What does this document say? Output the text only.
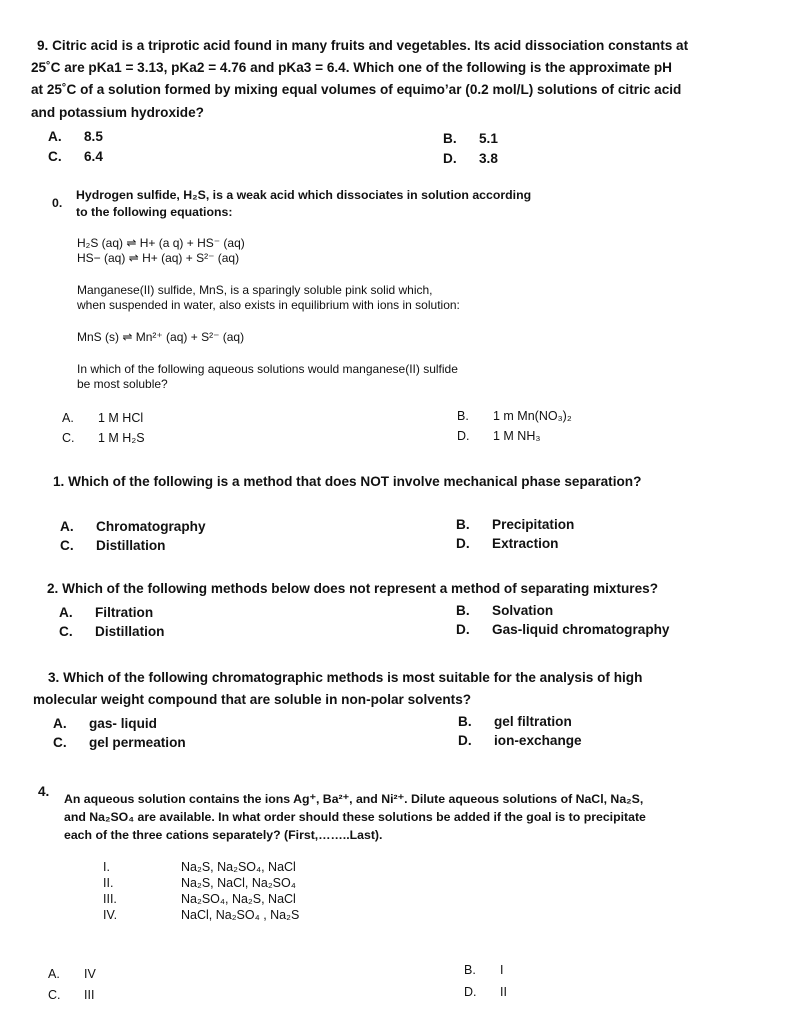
9. Citric acid is a triprotic acid found in many fruits and vegetables. Its acid dissociation constants at
25˚C are pKa1 = 3.13, pKa2 = 4.76 and pKa3 = 6.4. Which one of the following is the approximate pH
at 25˚C of a solution formed by mixing equal volumes of equimo’ar (0.2 mol/L) solutions of citric acid
and potassium hydroxide?
A. 8.5	B. 5.1
C. 6.4	D. 3.8
0.
Hydrogen sulfide, H₂S, is a weak acid which dissociates in solution according
to the following equations:
H₂S (aq) ⇌ H+ (a q) + HS⁻ (aq)
HS− (aq) ⇌ H+ (aq) + S²⁻ (aq)
Manganese(II) sulfide, MnS, is a sparingly soluble pink solid which,
when suspended in water, also exists in equilibrium with ions in solution:
MnS (s) ⇌ Mn²⁺ (aq) + S²⁻ (aq)
In which of the following aqueous solutions would manganese(II) sulfide
be most soluble?
A. 1 M HCl	B. 1 m Mn(NO₃)₂
C. 1 M H₂S	D. 1 M NH₃
1. Which of the following is a method that does NOT involve mechanical phase separation?
A. Chromatography	B. Precipitation
C. Distillation	D. Extraction
2. Which of the following methods below does not represent a method of separating mixtures?
A. Filtration	B. Solvation
C. Distillation	D. Gas-liquid chromatography
3. Which of the following chromatographic methods is most suitable for the analysis of high
molecular weight compound that are soluble in non-polar solvents?
A. gas- liquid	B. gel filtration
C. gel permeation	D. ion-exchange
4. An aqueous solution contains the ions Ag⁺, Ba²⁺, and Ni²⁺. Dilute aqueous solutions of NaCl, Na₂S,
and Na₂SO₄ are available. In what order should these solutions be added if the goal is to precipitate
each of the three cations separately? (First,……..Last).
I.	Na₂S, Na₂SO₄, NaCl
II.	Na₂S, NaCl, Na₂SO₄
III.	Na₂SO₄, Na₂S, NaCl
IV.	NaCl, Na₂SO₄ , Na₂S
A. IV	B. I
C. III	D. II
